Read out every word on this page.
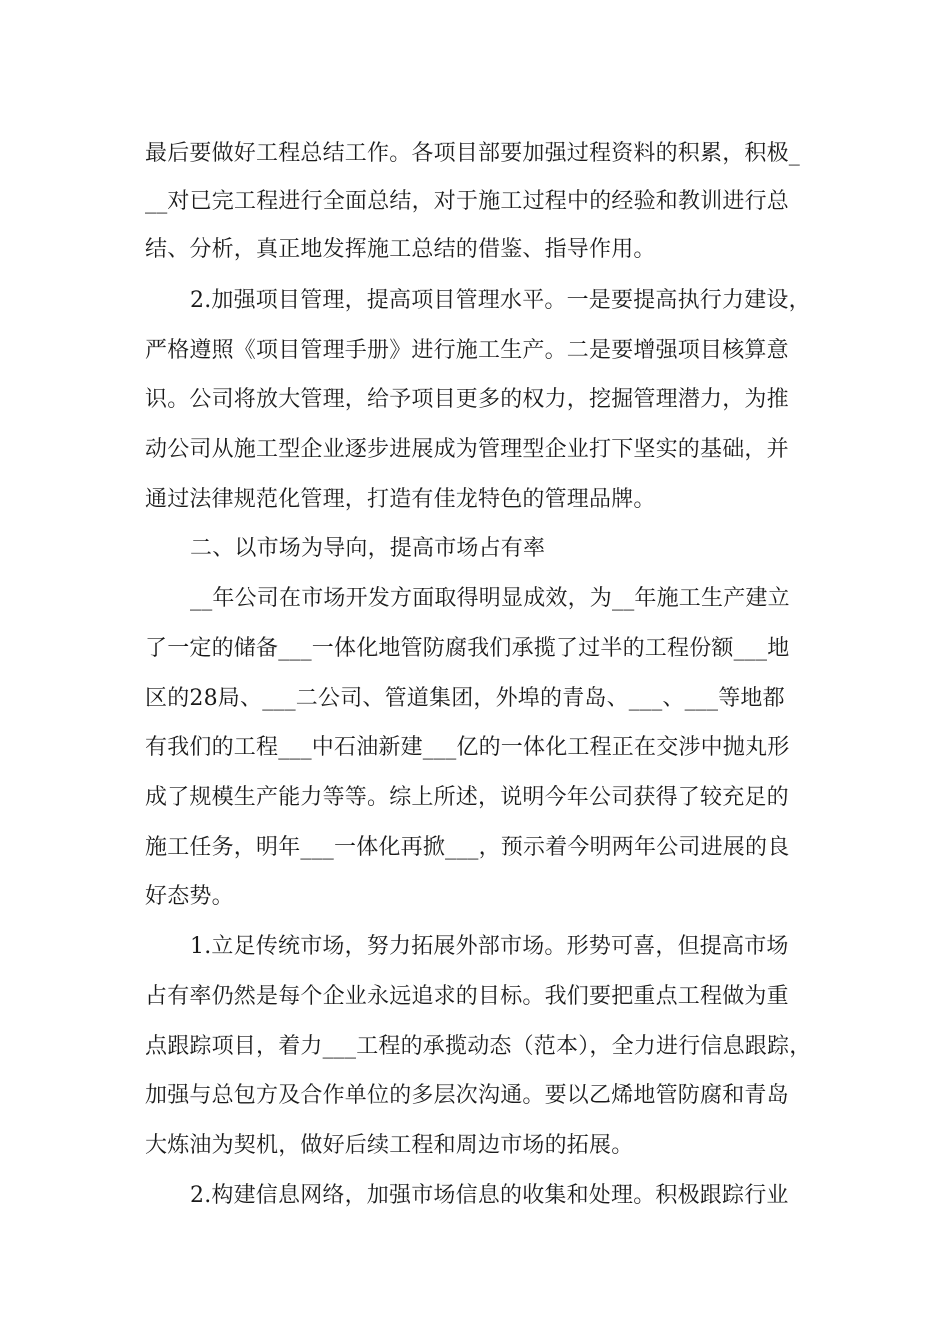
最后要做好工程总结工作。各项目部要加强过程资料的积累，积极_
__对已完工程进行全面总结，对于施工过程中的经验和教训进行总
结、分析，真正地发挥施工总结的借鉴、指导作用。
2.加强项目管理，提高项目管理水平。一是要提高执行力建设，
严格遵照《项目管理手册》进行施工生产。二是要增强项目核算意
识。公司将放大管理，给予项目更多的权力，挖掘管理潜力，为推
动公司从施工型企业逐步进展成为管理型企业打下坚实的基础，并
通过法律规范化管理，打造有佳龙特色的管理品牌。
二、以市场为导向，提高市场占有率
__年公司在市场开发方面取得明显成效，为__年施工生产建立
了一定的储备___一体化地管防腐我们承揽了过半的工程份额___地
区的28局、___二公司、管道集团，外埠的青岛、___、___等地都
有我们的工程___中石油新建___亿的一体化工程正在交涉中抛丸形
成了规模生产能力等等。综上所述，说明今年公司获得了较充足的
施工任务，明年___一体化再掀___，预示着今明两年公司进展的良
好态势。
1.立足传统市场，努力拓展外部市场。形势可喜，但提高市场
占有率仍然是每个企业永远追求的目标。我们要把重点工程做为重
点跟踪项目，着力___工程的承揽动态（范本），全力进行信息跟踪，
加强与总包方及合作单位的多层次沟通。要以乙烯地管防腐和青岛
大炼油为契机，做好后续工程和周边市场的拓展。
2.构建信息网络，加强市场信息的收集和处理。积极跟踪行业
